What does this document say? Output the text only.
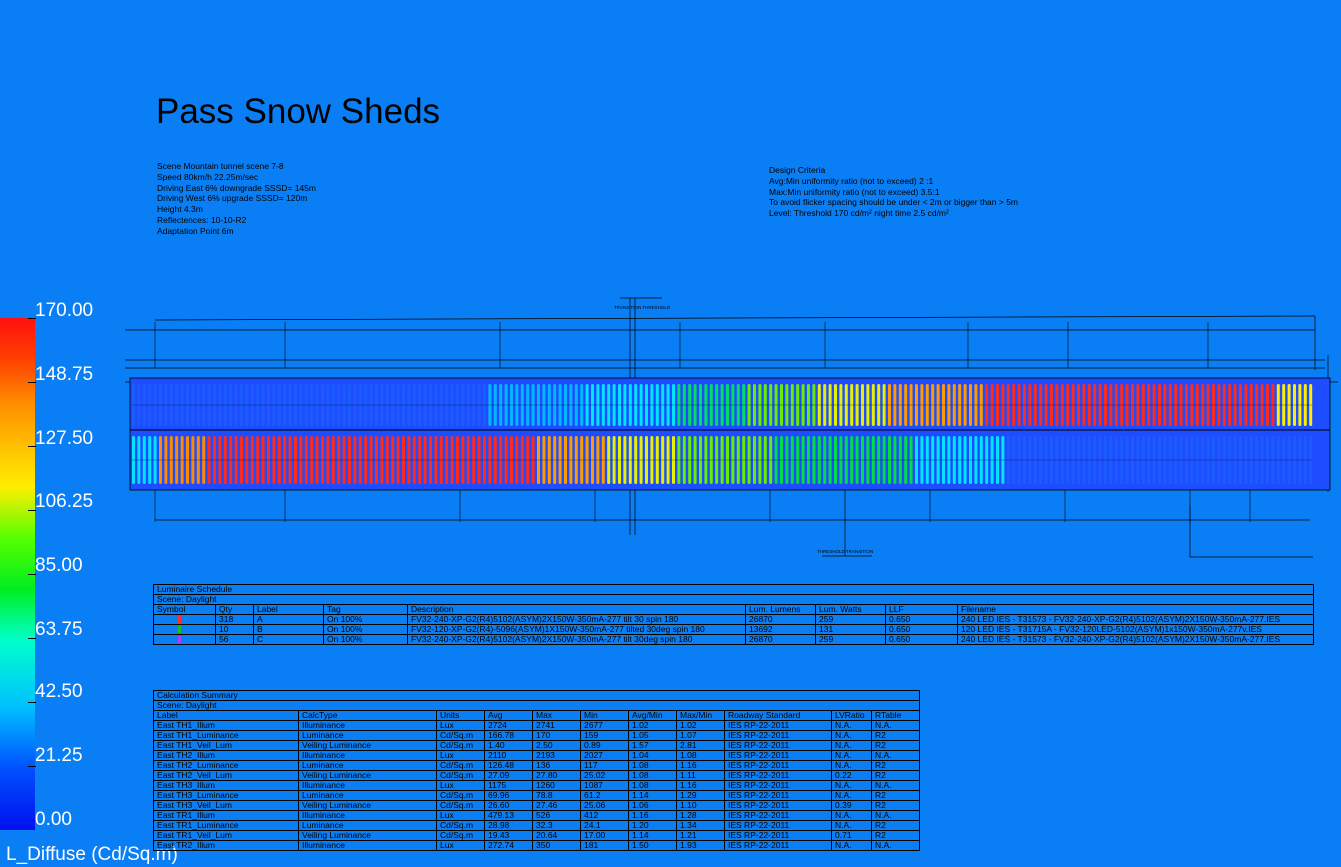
Pass Snow Sheds
Scene Mountain tunnel scene 7-8
Speed 80km/h 22.25m/sec
Driving East 6% downgrade SSSD= 145m
Driving West 6% upgrade SSSD= 120m
Height 4.3m
Reflectences: 10-10-R2
Adaptation Point 6m
Design Criteria
Avg:Min uniformity ratio (not to exceed) 2 :1
Max:Min uniformity ratio (not to exceed) 3.5:1
To avoid flicker spacing should be under < 2m or bigger than > 5m
Level: Threshold 170 cd/m² night time 2.5 cd/m²
170.00
148.75
127.50
106.25
85.00
63.75
42.50
21.25
0.00
L_Diffuse (Cd/Sq.m)
TRANSITION THRESHOLD
THRESHOLD TRANSITION
Luminaire Schedule								
Scene: Daylight								
Symbol	Qty	Label	Tag	Description	Lum. Lumens	Lum. Watts	LLF	Filename
	318	A	On 100%	FV32-240-XP-G2(R4)5102(ASYM)2X150W-350mA-277 tilt 30 spin 180	26870	259	0.650	240 LED IES - T31573 - FV32-240-XP-G2(R4)5102(ASYM)2X150W-350mA-277.IES
	10	B	On 100%	FV32-120-XP-G2(R4)-5096(ASYM)1X150W-350mA-277 tilted 30deg spin 180	13692	131	0.650	120 LED IES - T31715A - FV32-120LED-5102(ASYM)1x150W-350mA-277v.IES
	56	C	On 100%	FV32-240-XP-G2(R4)5102(ASYM)2X150W-350mA-277 tilt 30deg spin 180	26870	259	0.650	240 LED IES - T31573 - FV32-240-XP-G2(R4)5102(ASYM)2X150W-350mA-277.IES
Calculation Summary										
Scene: Daylight										
Label	CalcType	Units	Avg	Max	Min	Avg/Min	Max/Min	Roadway Standard	LVRatio	RTable
East TH1_Illum	Illuminance	Lux	2724	2741	2677	1.02	1.02	IES RP-22-2011	N.A.	N.A.
East TH1_Luminance	Luminance	Cd/Sq.m	166.78	170	159	1.05	1.07	IES RP-22-2011	N.A.	R2
East TH1_Veil_Lum	Veiling Luminance	Cd/Sq.m	1.40	2.50	0.89	1.57	2.81	IES RP-22-2011	N.A.	R2
East TH2_Illum	Illuminance	Lux	2110	2193	2027	1.04	1.08	IES RP-22-2011	N.A.	N.A.
East TH2_Luminance	Luminance	Cd/Sq.m	126.48	136	117	1.08	1.16	IES RP-22-2011	N.A.	R2
East TH2_Veil_Lum	Veiling Luminance	Cd/Sq.m	27.09	27.80	25.02	1.08	1.11	IES RP-22-2011	0.22	R2
East TH3_Illum	Illuminance	Lux	1175	1260	1087	1.08	1.16	IES RP-22-2011	N.A.	N.A.
East TH3_Luminance	Luminance	Cd/Sq.m	69.96	78.8	61.2	1.14	1.29	IES RP-22-2011	N.A.	R2
East TH3_Veil_Lum	Veiling Luminance	Cd/Sq.m	26.60	27.46	25.06	1.06	1.10	IES RP-22-2011	0.39	R2
East TR1_Illum	Illuminance	Lux	479.13	526	412	1.16	1.28	IES RP-22-2011	N.A.	N.A.
East TR1_Luminance	Luminance	Cd/Sq.m	28.98	32.3	24.1	1.20	1.34	IES RP-22-2011	N.A.	R2
East TR1_Veil_Lum	Veiling Luminance	Cd/Sq.m	19.43	20.64	17.00	1.14	1.21	IES RP-22-2011	0.71	R2
East TR2_Illum	Illuminance	Lux	272.74	350	181	1.50	1.93	IES RP-22-2011	N.A.	N.A.
